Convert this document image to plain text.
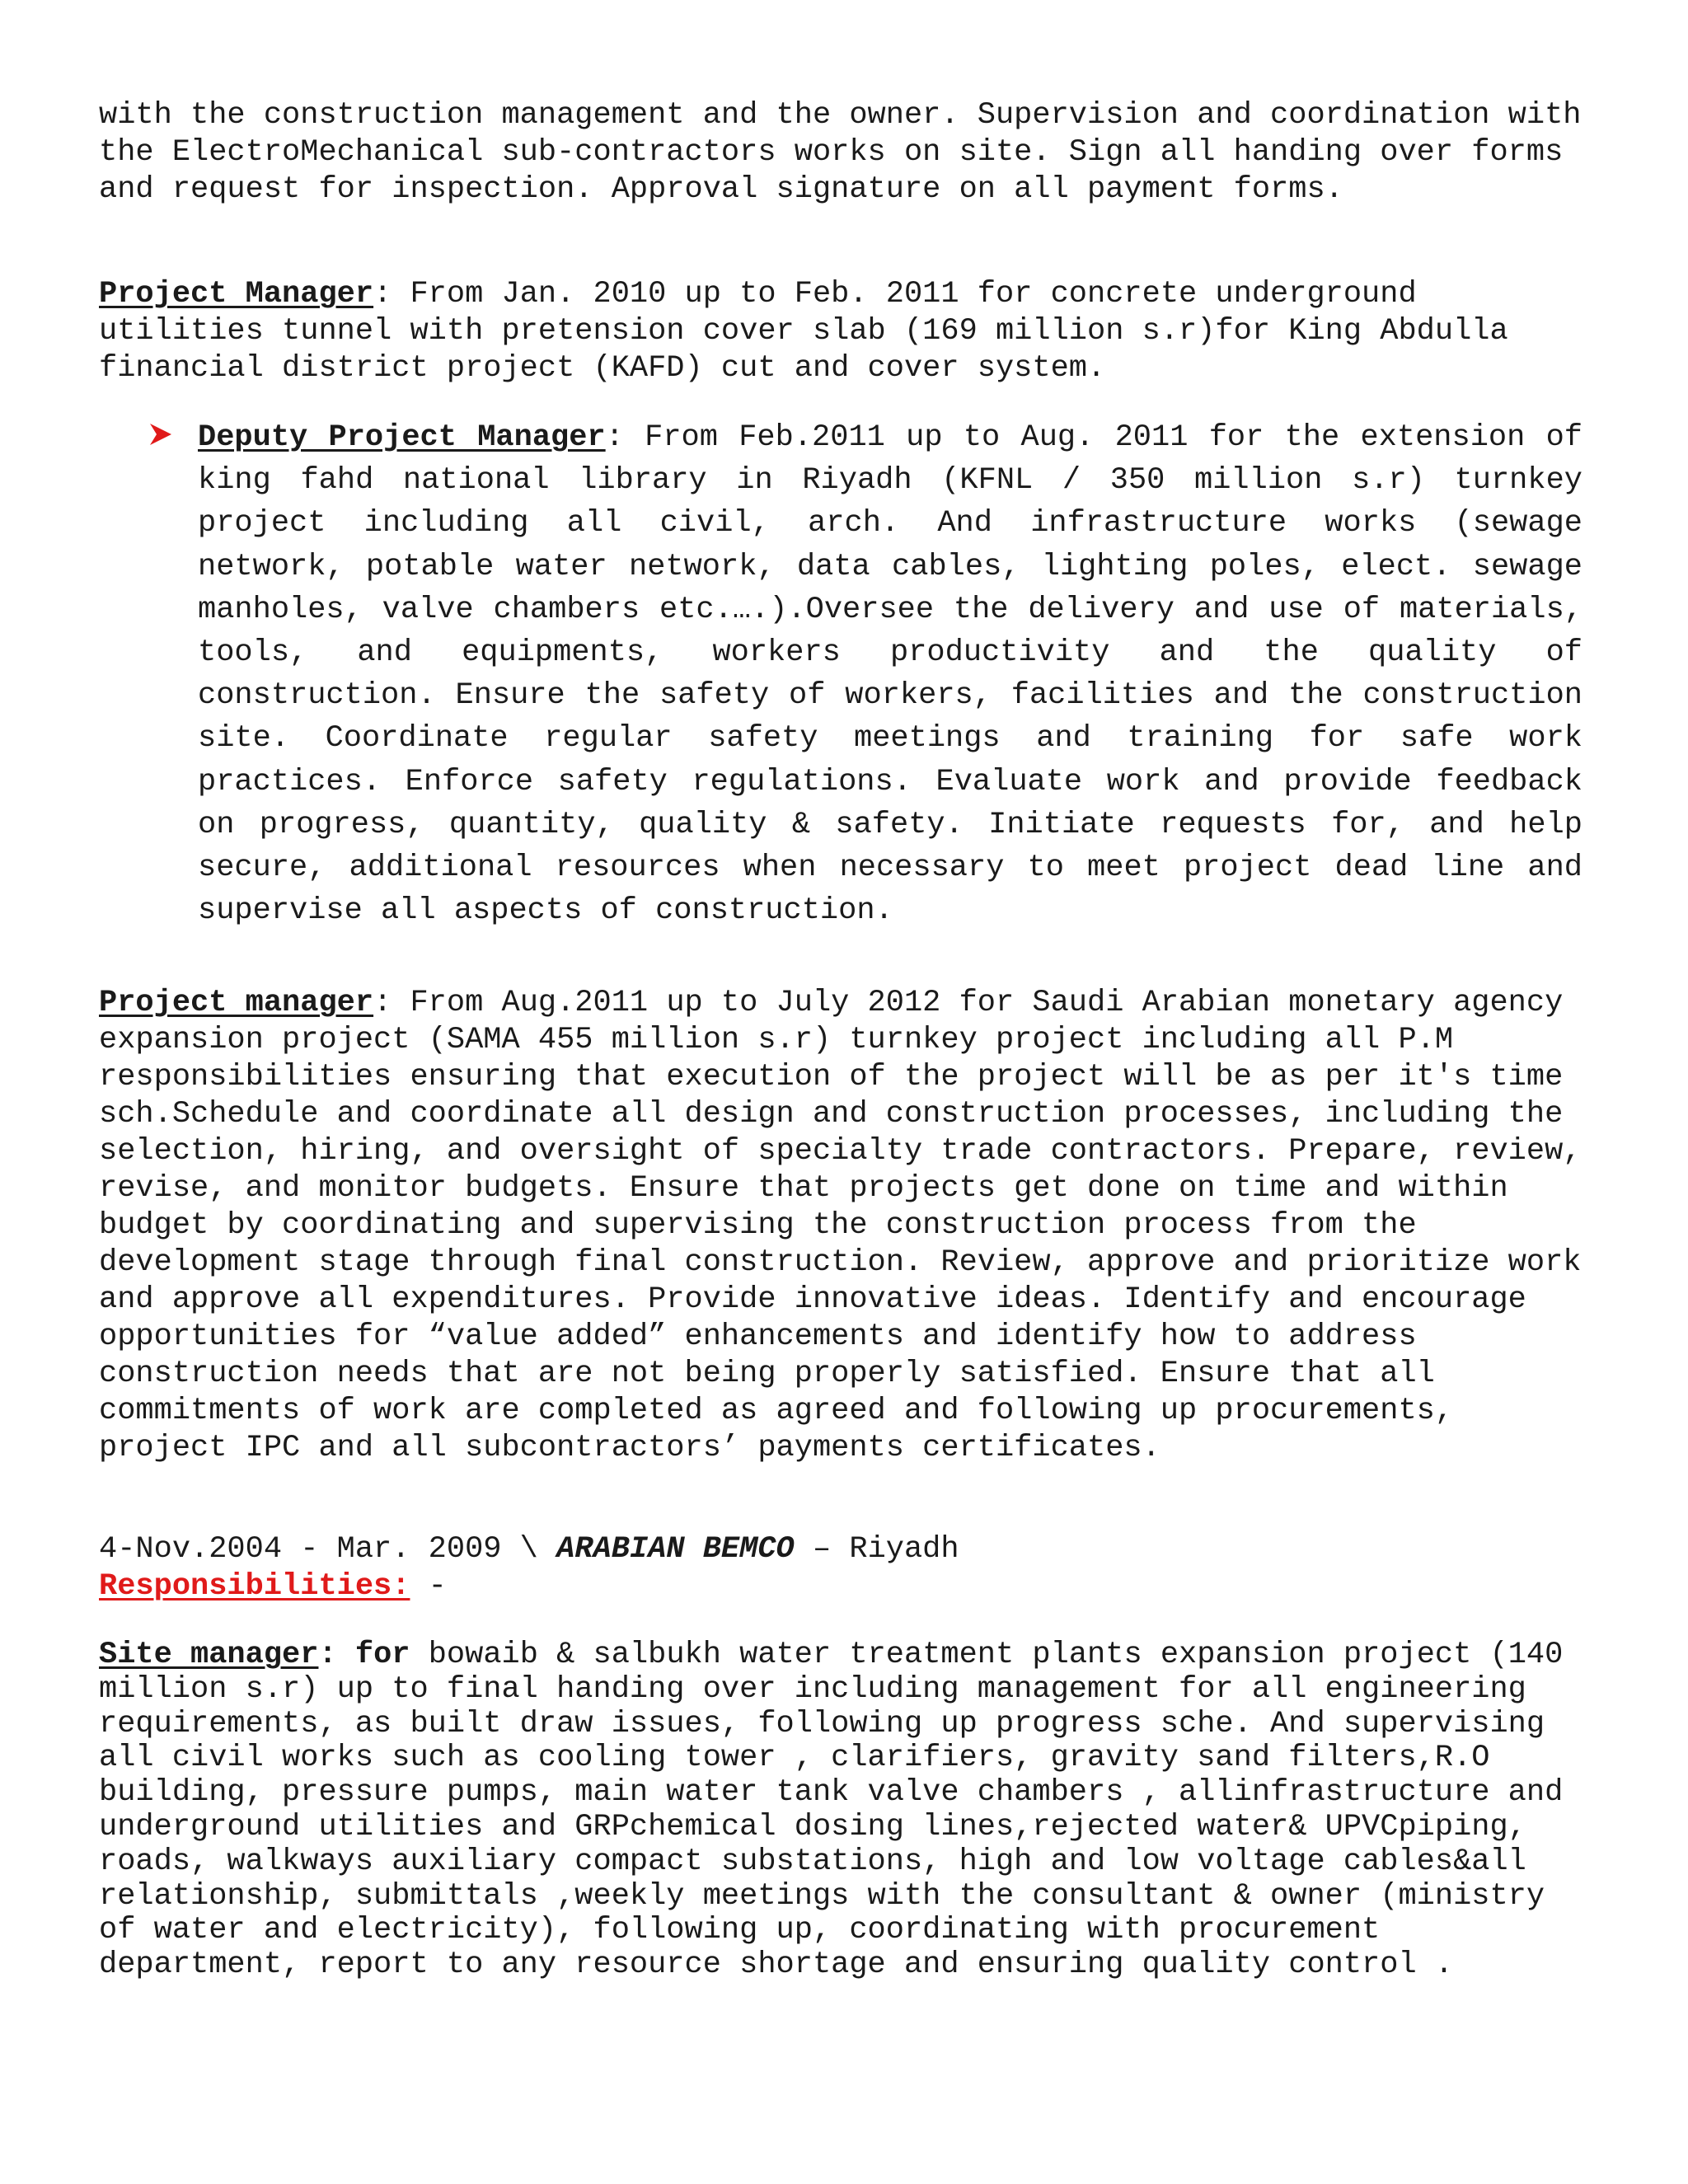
with the construction management and the owner. Supervision and coordination with the ElectroMechanical sub-contractors works on site. Sign all handing over forms and request for inspection. Approval signature on all payment forms.

Project Manager: From Jan. 2010 up to Feb. 2011 for concrete underground utilities tunnel with pretension cover slab (169 million s.r)for King Abdulla financial district project (KAFD) cut and cover system.

Deputy Project Manager: From Feb.2011 up to Aug. 2011 for the extension of king fahd national library in Riyadh (KFNL / 350 million s.r) turnkey project including all civil, arch. And infrastructure works (sewage network, potable water network, data cables, lighting poles, elect. sewage manholes, valve chambers etc.….).Oversee the delivery and use of materials, tools, and equipments, workers productivity and the quality of construction. Ensure the safety of workers, facilities and the construction site. Coordinate regular safety meetings and training for safe work practices. Enforce safety regulations. Evaluate work and provide feedback on progress, quantity, quality & safety. Initiate requests for, and help secure, additional resources when necessary to meet project dead line and supervise all aspects of construction.

Project manager: From Aug.2011 up to July 2012 for Saudi Arabian monetary agency expansion project (SAMA 455 million s.r) turnkey project including all P.M responsibilities ensuring that execution of the project will be as per it's time sch.Schedule and coordinate all design and construction processes, including the selection, hiring, and oversight of specialty trade contractors. Prepare, review, revise, and monitor budgets. Ensure that projects get done on time and within budget by coordinating and supervising the construction process from the development stage through final construction. Review, approve and prioritize work and approve all expenditures. Provide innovative ideas. Identify and encourage opportunities for “value added” enhancements and identify how to address construction needs that are not being properly satisfied. Ensure that all commitments of work are completed as agreed and following up procurements, project IPC and all subcontractors’ payments certificates.

4-Nov.2004 - Mar. 2009 \ ARABIAN BEMCO – Riyadh

Responsibilities: -

Site manager: for bowaib & salbukh water treatment plants expansion project (140 million s.r) up to final handing over including management for all engineering requirements, as built draw issues, following up progress sche. And supervising all civil works such as cooling tower , clarifiers, gravity sand filters,R.O building, pressure pumps, main water tank valve chambers , allinfrastructure and underground utilities and GRPchemical dosing lines,rejected water& UPVCpiping, roads, walkways auxiliary compact substations, high and low voltage cables&all relationship, submittals ,weekly meetings with the consultant & owner (ministry of water and electricity), following up, coordinating with procurement department, report to any resource shortage and ensuring quality control .
